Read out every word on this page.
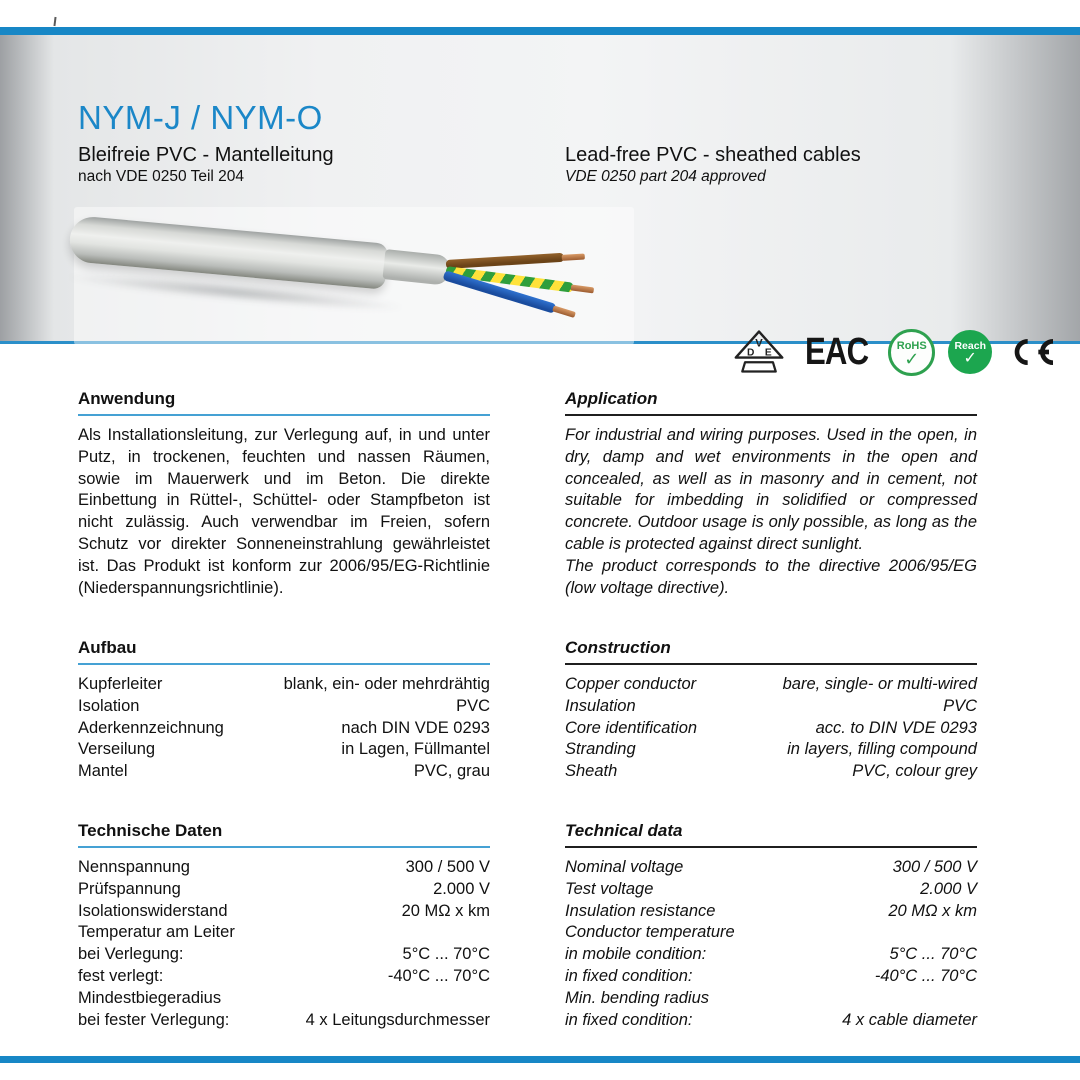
NYM-J / NYM-O
Bleifreie PVC - Mantelleitung
nach VDE 0250 Teil 204
Lead-free PVC - sheathed cables
VDE 0250 part 204 approved
V
D E EAC	RoHS
✓
Reach
✓
Anwendung

Als Installationsleitung, zur Verlegung auf, in und unter Putz, in trockenen, feuchten und nassen Räumen, sowie im Mauerwerk und im Beton. Die direkte Einbettung in Rüttel-, Schüttel- oder Stampfbeton ist nicht zulässig. Auch verwendbar im Freien, sofern Schutz vor direkter Sonneneinstrahlung gewährleistet ist. Das Produkt ist konform zur 2006/95/EG-Richtlinie (Niederspannungsrichtlinie).

Application

For industrial and wiring purposes. Used in the open, in dry, damp and wet environments in the open and concealed, as well as in masonry and in cement, not suitable for imbedding in solidified or compressed concrete. Outdoor usage is only possible, as long as the cable is protected against direct sunlight.

The product corresponds to the directive 2006/95/EG (low voltage directive).

Aufbau
Kupferleiter	blank, ein- oder mehrdrähtig
Isolation	PVC
Aderkennzeichnung	nach DIN VDE 0293
Verseilung	in Lagen, Füllmantel
Mantel	PVC, grau
Construction
Copper conductor	bare, single- or multi-wired
Insulation	PVC
Core identification	acc. to DIN VDE 0293
Stranding	in layers, filling compound
Sheath	PVC, colour grey
Technische Daten
Nennspannung	300 / 500 V
Prüfspannung	2.000 V
Isolationswiderstand	20 MΩ x km
Temperatur am Leiter
bei Verlegung:	5°C ... 70°C
fest verlegt:	-40°C ... 70°C
Mindestbiegeradius
bei fester Verlegung:	4 x Leitungsdurchmesser
Technical data
Nominal voltage	300 / 500 V
Test voltage	2.000 V
Insulation resistance	20 MΩ x km
Conductor temperature
in mobile condition:	5°C ... 70°C
in fixed condition:	-40°C ... 70°C
Min. bending radius
in fixed condition:	4 x cable diameter
